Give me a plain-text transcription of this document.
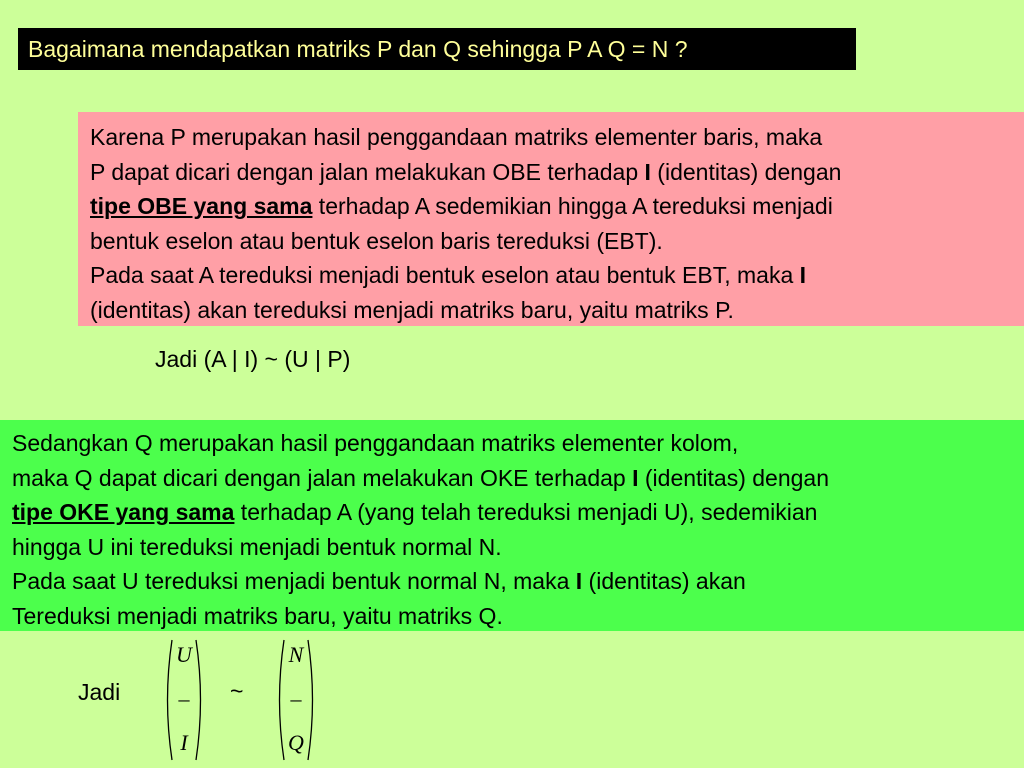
Bagaimana mendapatkan matriks P dan Q sehingga P A Q = N ?
Karena P merupakan hasil penggandaan matriks elementer baris, maka
P dapat dicari dengan jalan melakukan OBE terhadap I (identitas) dengan
tipe OBE yang sama terhadap A sedemikian hingga A tereduksi menjadi
bentuk eselon atau bentuk eselon baris tereduksi (EBT).
Pada saat A tereduksi menjadi bentuk eselon atau bentuk EBT, maka I
(identitas) akan tereduksi menjadi matriks baru, yaitu matriks P.
Jadi (A | I) ~ (U | P)
Sedangkan Q merupakan hasil penggandaan matriks elementer kolom,
maka Q dapat dicari dengan jalan melakukan OKE terhadap I (identitas) dengan
tipe OKE yang sama terhadap A (yang telah tereduksi menjadi U), sedemikian
hingga U ini tereduksi menjadi bentuk normal N.
Pada saat U tereduksi menjadi bentuk normal N, maka I (identitas) akan
Tereduksi menjadi matriks baru, yaitu matriks Q.
Jadi
U
–
I
~
N
–
Q
